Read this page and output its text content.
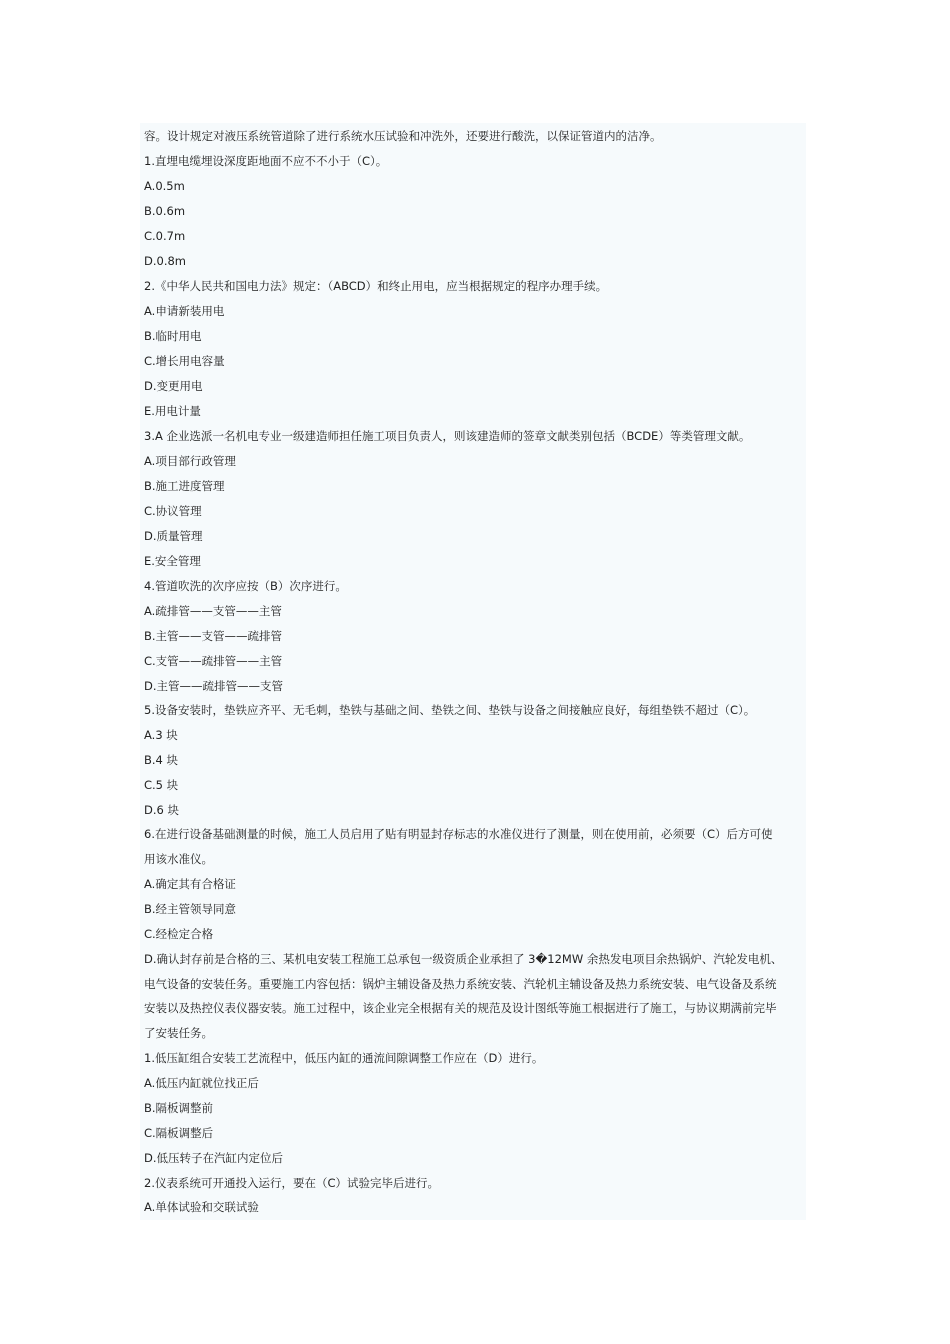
容。设计规定对液压系统管道除了进行系统水压试验和冲洗外，还要进行酸洗，以保证管道内的洁净。
1.直埋电缆埋设深度距地面不应不不小于（C）。
A.0.5m
B.0.6m
C.0.7m
D.0.8m
2.《中华人民共和国电力法》规定：（ABCD）和终止用电，应当根据规定的程序办理手续。
A.申请新装用电
B.临时用电
C.增长用电容量
D.变更用电
E.用电计量
3.A 企业选派一名机电专业一级建造师担任施工项目负责人，则该建造师的签章文献类别包括（BCDE）等类管理文献。
A.项目部行政管理
B.施工进度管理
C.协议管理
D.质量管理
E.安全管理
4.管道吹洗的次序应按（B）次序进行。
A.疏排管——支管——主管
B.主管——支管——疏排管
C.支管——疏排管——主管
D.主管——疏排管——支管
5.设备安装时，垫铁应齐平、无毛刺，垫铁与基础之间、垫铁之间、垫铁与设备之间接触应良好，每组垫铁不超过（C）。
A.3 块
B.4 块
C.5 块
D.6 块
6.在进行设备基础测量的时候，施工人员启用了贴有明显封存标志的水准仪进行了测量，则在使用前，必须要（C）后方可使
用该水准仪。
A.确定其有合格证
B.经主管领导同意
C.经检定合格
D.确认封存前是合格的三、某机电安装工程施工总承包一级资质企业承担了 3�12MW 余热发电项目余热锅炉、汽轮发电机、
电气设备的安装任务。重要施工内容包括：锅炉主辅设备及热力系统安装、汽轮机主辅设备及热力系统安装、电气设备及系统
安装以及热控仪表仪器安装。施工过程中，该企业完全根据有关的规范及设计图纸等施工根据进行了施工，与协议期满前完毕
了安装任务。
1.低压缸组合安装工艺流程中，低压内缸的通流间隙调整工作应在（D）进行。
A.低压内缸就位找正后
B.隔板调整前
C.隔板调整后
D.低压转子在汽缸内定位后
2.仪表系统可开通投入运行，要在（C）试验完毕后进行。
A.单体试验和交联试验
